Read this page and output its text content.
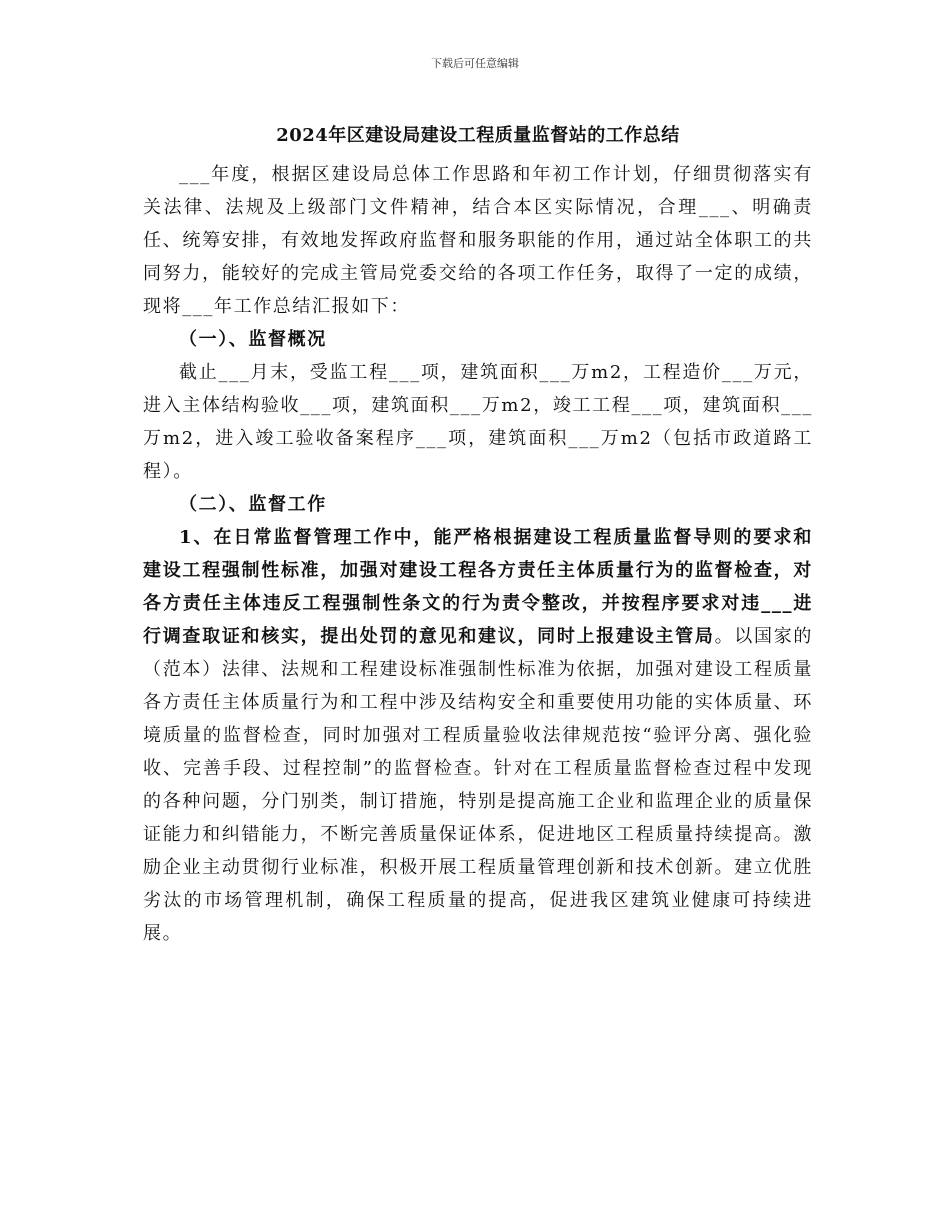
下载后可任意编辑
2024年区建设局建设工程质量监督站的工作总结

___年度，根据区建设局总体工作思路和年初工作计划，仔细贯彻落实有关法律、法规及上级部门文件精神，结合本区实际情况，合理___、明确责任、统筹安排，有效地发挥政府监督和服务职能的作用，通过站全体职工的共同努力，能较好的完成主管局党委交给的各项工作任务，取得了一定的成绩，现将___年工作总结汇报如下：

（一）、监督概况

截止___月末，受监工程___项，建筑面积___万m2，工程造价___万元，进入主体结构验收___项，建筑面积___万m2，竣工工程___项，建筑面积___万m2，进入竣工验收备案程序___项，建筑面积___万m2（包括市政道路工程）。

（二）、监督工作

1、在日常监督管理工作中，能严格根据建设工程质量监督导则的要求和建设工程强制性标准，加强对建设工程各方责任主体质量行为的监督检查，对各方责任主体违反工程强制性条文的行为责令整改，并按程序要求对违___进行调查取证和核实，提出处罚的意见和建议，同时上报建设主管局。以国家的（范本）法律、法规和工程建设标准强制性标准为依据，加强对建设工程质量各方责任主体质量行为和工程中涉及结构安全和重要使用功能的实体质量、环境质量的监督检查，同时加强对工程质量验收法律规范按“验评分离、强化验收、完善手段、过程控制”的监督检查。针对在工程质量监督检查过程中发现的各种问题，分门别类，制订措施，特别是提高施工企业和监理企业的质量保证能力和纠错能力，不断完善质量保证体系，促进地区工程质量持续提高。激励企业主动贯彻行业标准，积极开展工程质量管理创新和技术创新。建立优胜劣汰的市场管理机制，确保工程质量的提高，促进我区建筑业健康可持续进展。
